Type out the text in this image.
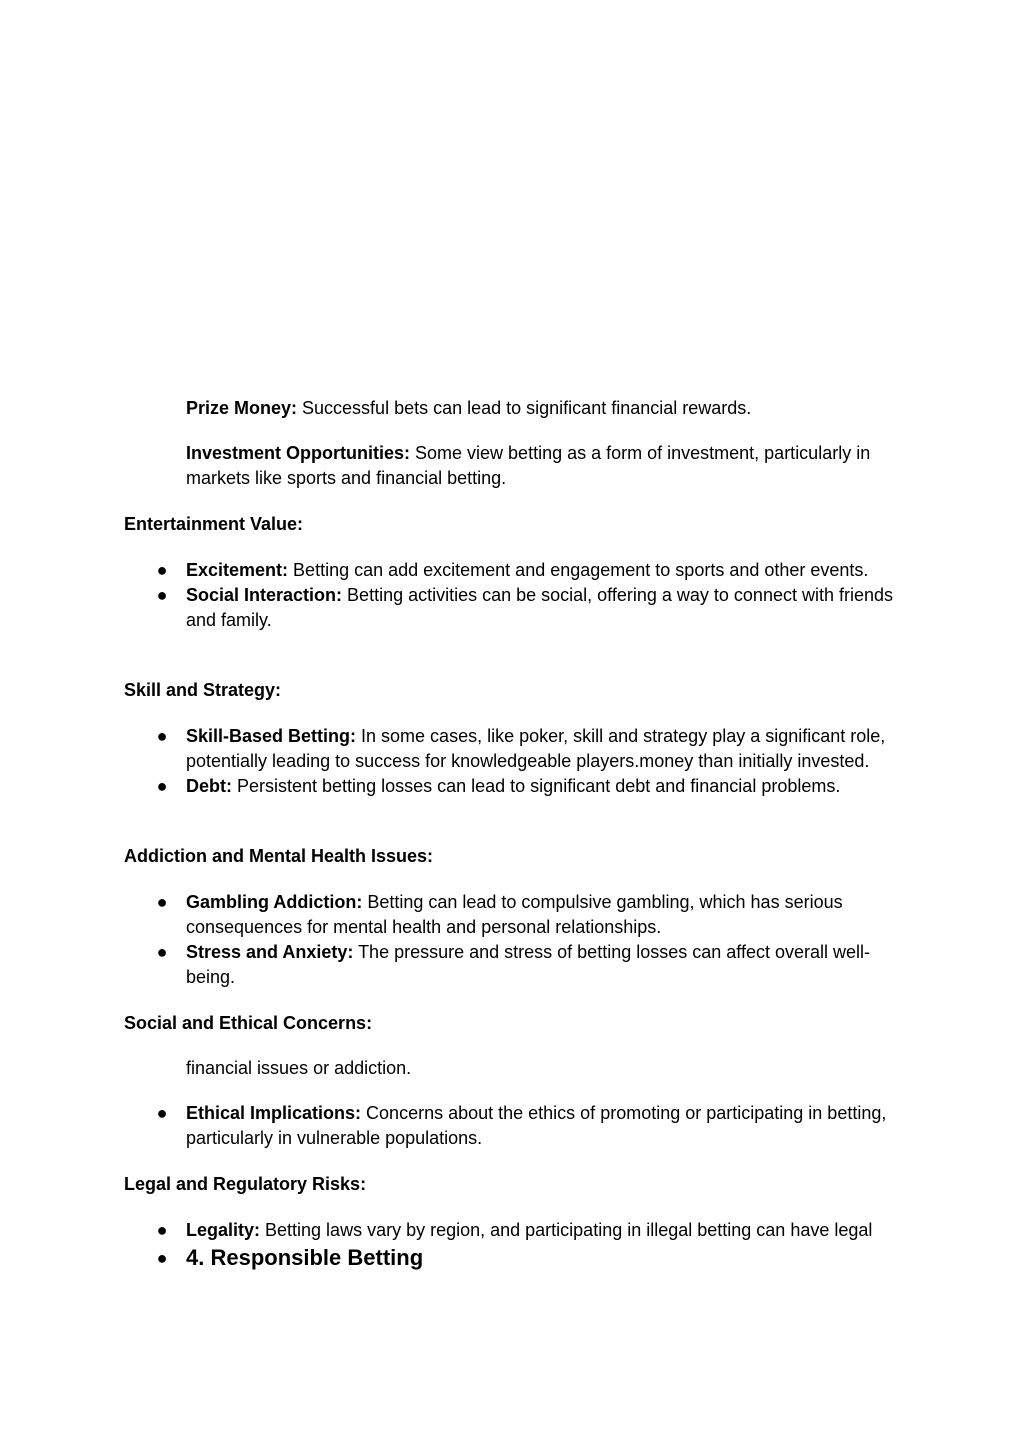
Prize Money: Successful bets can lead to significant financial rewards.

Investment Opportunities: Some view betting as a form of investment, particularly in markets like sports and financial betting.

Entertainment Value:

● Excitement: Betting can add excitement and engagement to sports and other events.
● Social Interaction: Betting activities can be social, offering a way to connect with friends and family.

Skill and Strategy:

● Skill-Based Betting: In some cases, like poker, skill and strategy play a significant role, potentially leading to success for knowledgeable players.money than initially invested.
● Debt: Persistent betting losses can lead to significant debt and financial problems.

Addiction and Mental Health Issues:

● Gambling Addiction: Betting can lead to compulsive gambling, which has serious consequences for mental health and personal relationships.
● Stress and Anxiety: The pressure and stress of betting losses can affect overall well-being.

Social and Ethical Concerns:

financial issues or addiction.

● Ethical Implications: Concerns about the ethics of promoting or participating in betting, particularly in vulnerable populations.

Legal and Regulatory Risks:

● Legality: Betting laws vary by region, and participating in illegal betting can have legal
● 4. Responsible Betting
